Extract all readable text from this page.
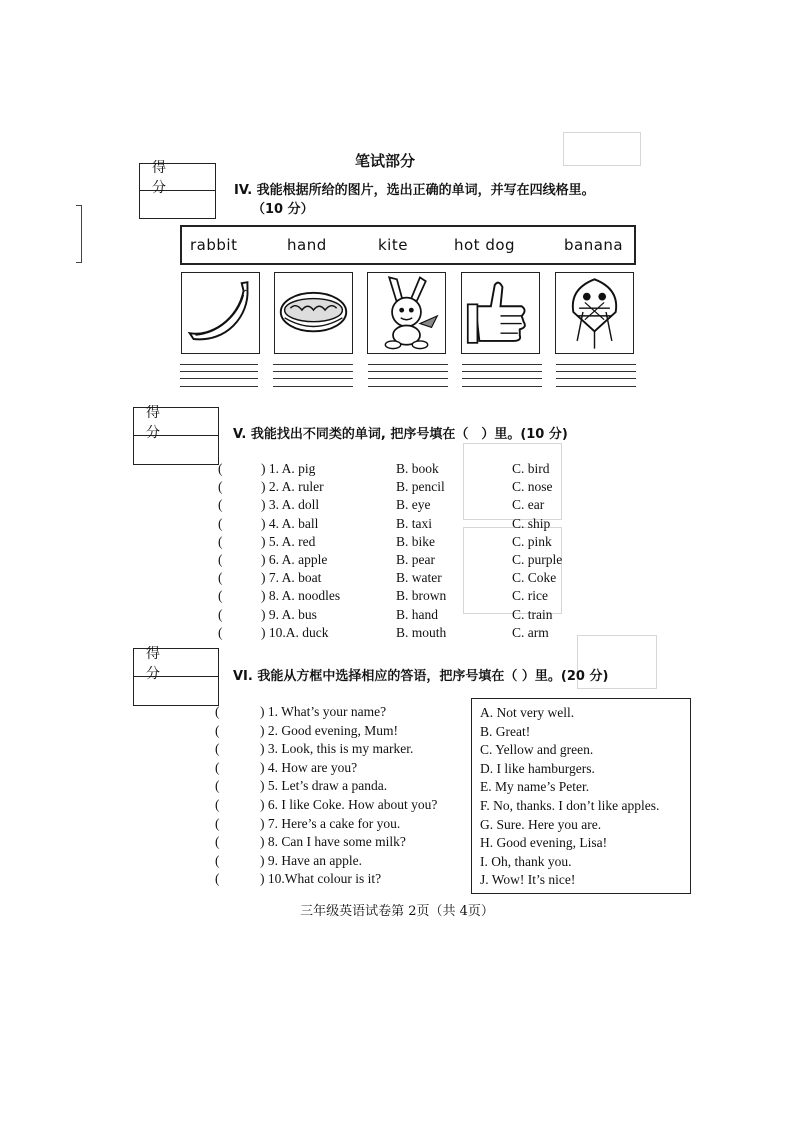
笔试部分
得 分	IV. 我能根据所给的图片，选出正确的单词，并写在四线格里。
（10 分）
rabbit	hand	kite	hot dog	banana
得 分	V. 我能找出不同类的单词, 把序号填在（　）里。(10 分)
(	) 1. A. pig	B. book	C. bird
(	) 2. A. ruler	B. pencil	C. nose
(	) 3. A. doll	B. eye	C. ear
(	) 4. A. ball	B. taxi	C. ship
(	) 5. A. red	B. bike	C. pink
(	) 6. A. apple	B. pear	C. purple
(	) 7. A. boat	B. water	C. Coke
(	) 8. A. noodles	B. brown	C. rice
(	) 9. A. bus	B. hand	C. train
(	) 10.A. duck	B. mouth	C. arm
得 分	VI. 我能从方框中选择相应的答语，把序号填在（ ）里。(20 分)
(	) 1. What’s your name?
(	) 2. Good evening, Mum!
(	) 3. Look, this is my marker.
(	) 4. How are you?
(	) 5. Let’s draw a panda.
(	) 6. I like Coke. How about you?
(	) 7. Here’s a cake for you.
(	) 8. Can I have some milk?
(	) 9. Have an apple.
(	) 10.What colour is it?
A. Not very well.
B. Great!
C. Yellow and green.
D. I like hamburgers.
E. My name’s Peter.
F. No, thanks. I don’t like apples.
G. Sure. Here you are.
H. Good evening, Lisa!
I. Oh, thank you.
J. Wow! It’s nice!
三年级英语试卷第 2页（共 4页）
